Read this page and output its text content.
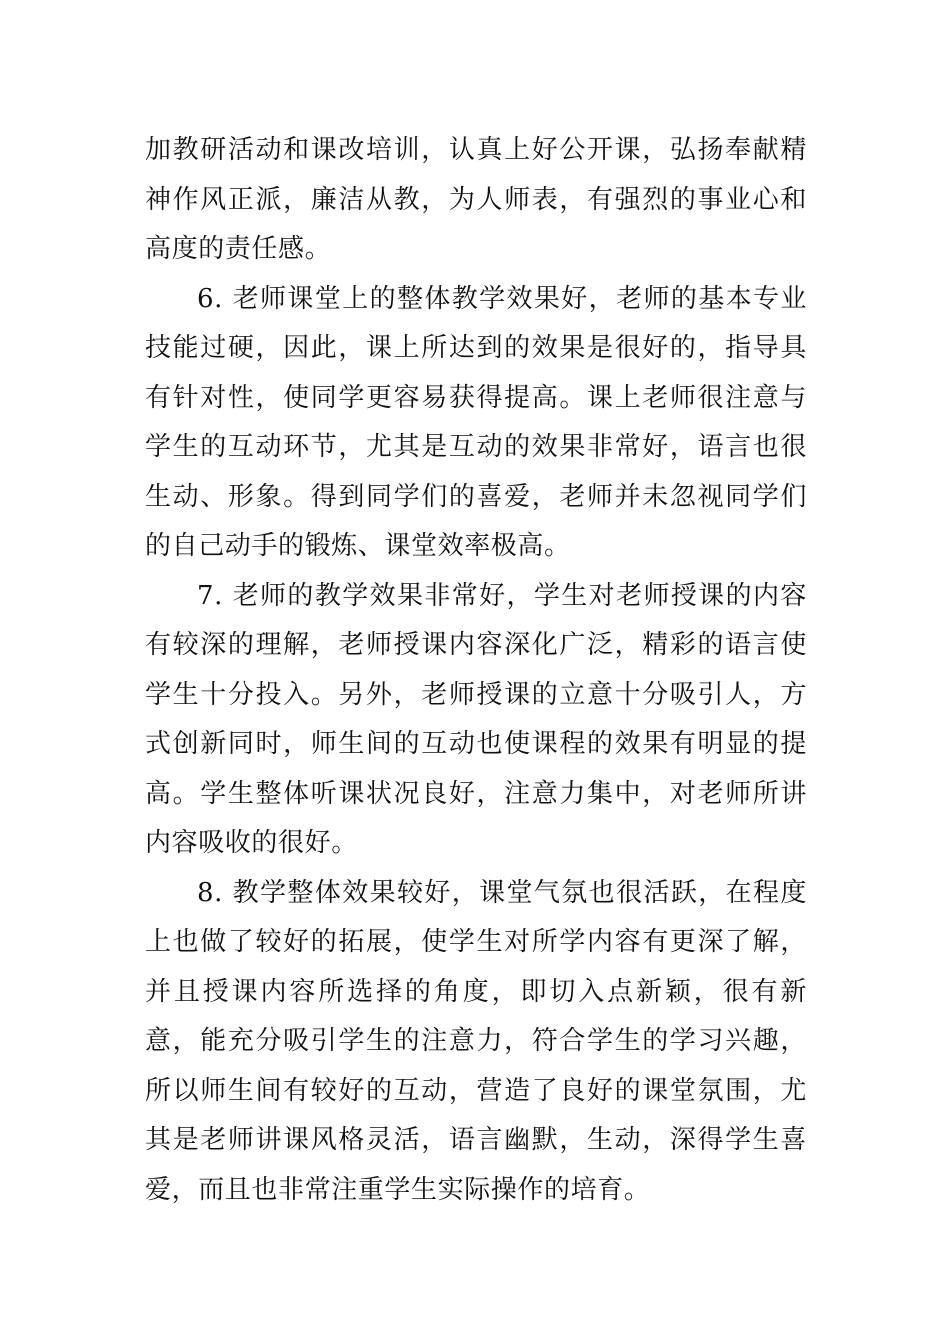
加教研活动和课改培训，认真上好公开课，弘扬奉献精神作风正派，廉洁从教，为人师表，有强烈的事业心和高度的责任感。

6. 老师课堂上的整体教学效果好，老师的基本专业技能过硬，因此，课上所达到的效果是很好的，指导具有针对性，使同学更容易获得提高。课上老师很注意与学生的互动环节，尤其是互动的效果非常好，语言也很生动、形象。得到同学们的喜爱，老师并未忽视同学们的自己动手的锻炼、课堂效率极高。

7. 老师的教学效果非常好，学生对老师授课的内容有较深的理解，老师授课内容深化广泛，精彩的语言使学生十分投入。另外，老师授课的立意十分吸引人，方式创新同时，师生间的互动也使课程的效果有明显的提高。学生整体听课状况良好，注意力集中，对老师所讲内容吸收的很好。

8. 教学整体效果较好，课堂气氛也很活跃，在程度上也做了较好的拓展，使学生对所学内容有更深了解，并且授课内容所选择的角度，即切入点新颖，很有新意，能充分吸引学生的注意力，符合学生的学习兴趣，所以师生间有较好的互动，营造了良好的课堂氛围，尤其是老师讲课风格灵活，语言幽默，生动，深得学生喜爱，而且也非常注重学生实际操作的培育。
